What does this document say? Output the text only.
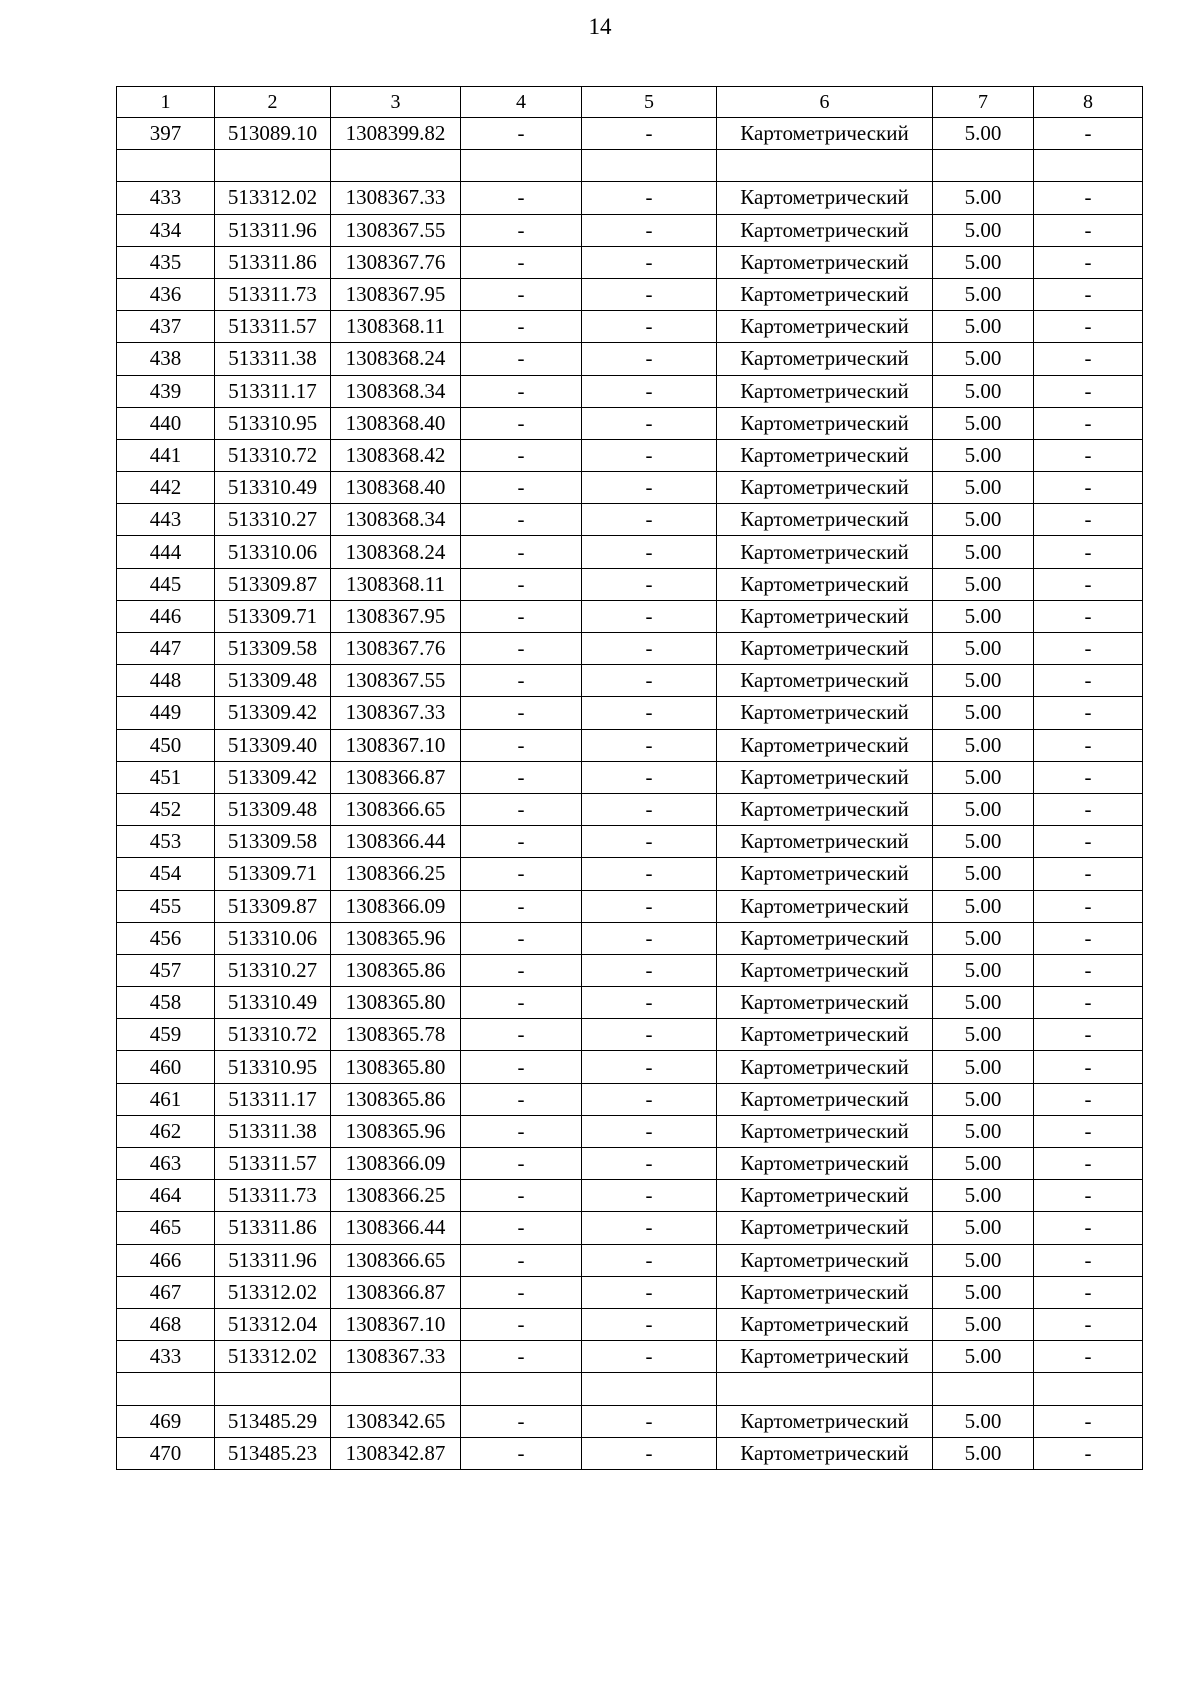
14
1	2	3	4	5	6	7	8
397	513089.10	1308399.82	-	-	Картометрический	5.00	-

433	513312.02	1308367.33	-	-	Картометрический	5.00	-
434	513311.96	1308367.55	-	-	Картометрический	5.00	-
435	513311.86	1308367.76	-	-	Картометрический	5.00	-
436	513311.73	1308367.95	-	-	Картометрический	5.00	-
437	513311.57	1308368.11	-	-	Картометрический	5.00	-
438	513311.38	1308368.24	-	-	Картометрический	5.00	-
439	513311.17	1308368.34	-	-	Картометрический	5.00	-
440	513310.95	1308368.40	-	-	Картометрический	5.00	-
441	513310.72	1308368.42	-	-	Картометрический	5.00	-
442	513310.49	1308368.40	-	-	Картометрический	5.00	-
443	513310.27	1308368.34	-	-	Картометрический	5.00	-
444	513310.06	1308368.24	-	-	Картометрический	5.00	-
445	513309.87	1308368.11	-	-	Картометрический	5.00	-
446	513309.71	1308367.95	-	-	Картометрический	5.00	-
447	513309.58	1308367.76	-	-	Картометрический	5.00	-
448	513309.48	1308367.55	-	-	Картометрический	5.00	-
449	513309.42	1308367.33	-	-	Картометрический	5.00	-
450	513309.40	1308367.10	-	-	Картометрический	5.00	-
451	513309.42	1308366.87	-	-	Картометрический	5.00	-
452	513309.48	1308366.65	-	-	Картометрический	5.00	-
453	513309.58	1308366.44	-	-	Картометрический	5.00	-
454	513309.71	1308366.25	-	-	Картометрический	5.00	-
455	513309.87	1308366.09	-	-	Картометрический	5.00	-
456	513310.06	1308365.96	-	-	Картометрический	5.00	-
457	513310.27	1308365.86	-	-	Картометрический	5.00	-
458	513310.49	1308365.80	-	-	Картометрический	5.00	-
459	513310.72	1308365.78	-	-	Картометрический	5.00	-
460	513310.95	1308365.80	-	-	Картометрический	5.00	-
461	513311.17	1308365.86	-	-	Картометрический	5.00	-
462	513311.38	1308365.96	-	-	Картометрический	5.00	-
463	513311.57	1308366.09	-	-	Картометрический	5.00	-
464	513311.73	1308366.25	-	-	Картометрический	5.00	-
465	513311.86	1308366.44	-	-	Картометрический	5.00	-
466	513311.96	1308366.65	-	-	Картометрический	5.00	-
467	513312.02	1308366.87	-	-	Картометрический	5.00	-
468	513312.04	1308367.10	-	-	Картометрический	5.00	-
433	513312.02	1308367.33	-	-	Картометрический	5.00	-

469	513485.29	1308342.65	-	-	Картометрический	5.00	-
470	513485.23	1308342.87	-	-	Картометрический	5.00	-
